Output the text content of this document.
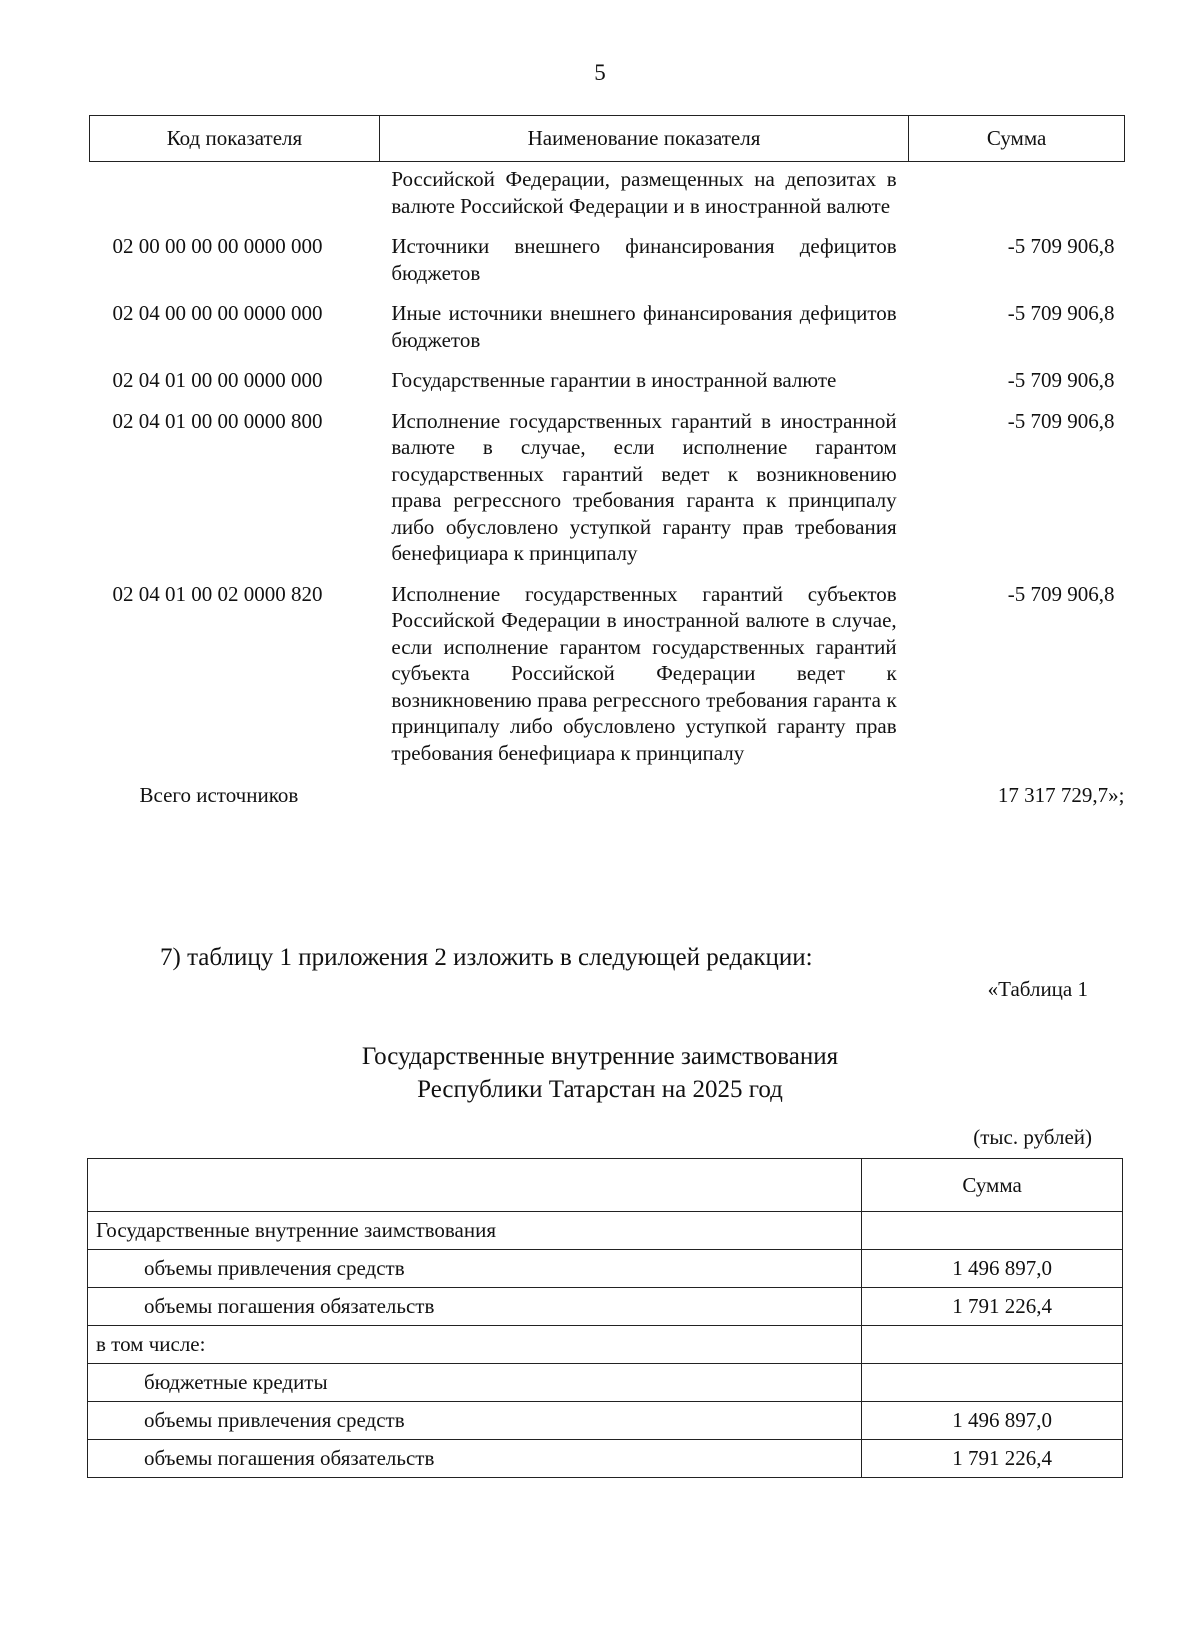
5
Код показателя	Наименование показателя	Сумма
	Российской Федерации, размещенных на депозитах в валюте Российской Федерации и в иностранной валюте	
02 00 00 00 00 0000 000	Источники внешнего финансирования дефицитов бюджетов	-5 709 906,8
02 04 00 00 00 0000 000	Иные источники внешнего финансирования дефицитов бюджетов	-5 709 906,8
02 04 01 00 00 0000 000	Государственные гарантии в иностранной валюте	-5 709 906,8
02 04 01 00 00 0000 800	Исполнение государственных гарантий в иностранной валюте в случае, если исполнение гарантом государственных гарантий ведет к возникновению права регрессного требования гаранта к принципалу либо обусловлено уступкой гаранту прав требования бенефициара к принципалу	-5 709 906,8
02 04 01 00 02 0000 820	Исполнение государственных гарантий субъектов Российской Федерации в иностранной валюте в случае, если исполнение гарантом государственных гарантий субъекта Российской Федерации ведет к возникновению права регрессного требования гаранта к принципалу либо обусловлено уступкой гаранту прав требования бенефициара к принципалу	-5 709 906,8
Всего источников		17 317 729,7»;
7) таблицу 1 приложения 2 изложить в следующей редакции:
«Таблица 1
Государственные внутренние заимствования
Республики Татарстан на 2025 год
(тыс. рублей)
	Сумма
Государственные внутренние заимствования	
объемы привлечения средств	1 496 897,0
объемы погашения обязательств	1 791 226,4
в том числе:	
бюджетные кредиты	
объемы привлечения средств	1 496 897,0
объемы погашения обязательств	1 791 226,4
